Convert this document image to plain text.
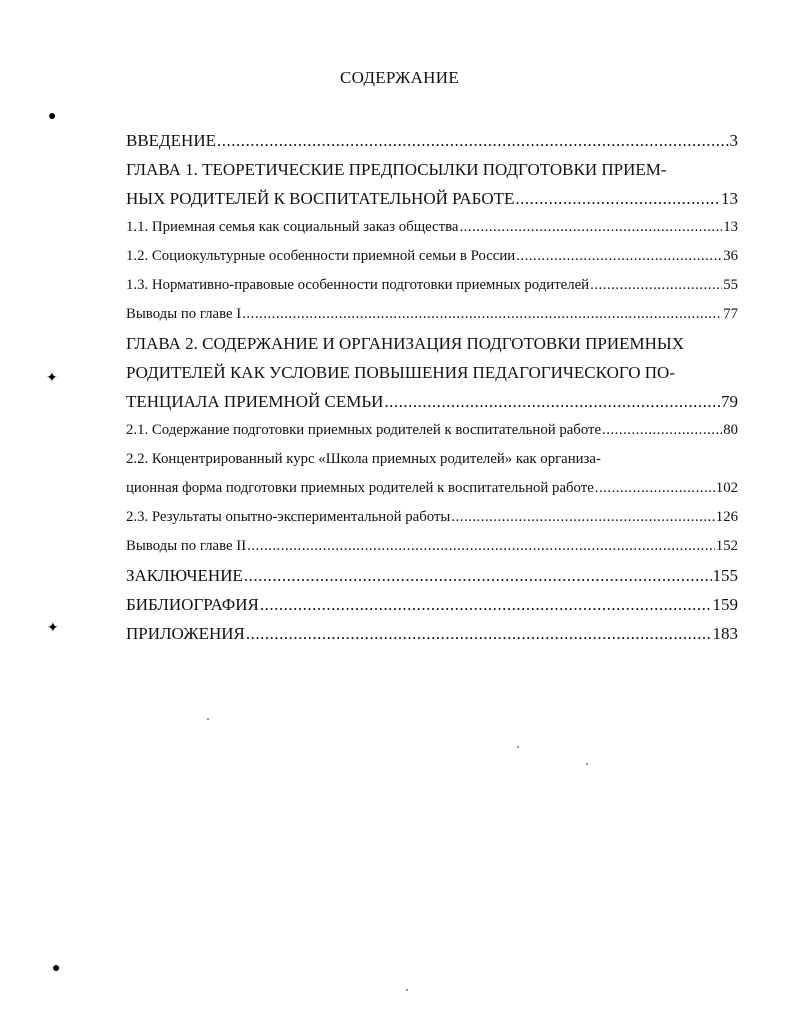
СОДЕРЖАНИЕ
ВВЕДЕНИЕ .....	3
ГЛАВА 1. ТЕОРЕТИЧЕСКИЕ ПРЕДПОСЫЛКИ ПОДГОТОВКИ ПРИЕМ-
НЫХ РОДИТЕЛЕЙ К ВОСПИТАТЕЛЬНОЙ РАБОТЕ .....	13
1.1. Приемная семья как социальный заказ общества .....	13
1.2. Социокультурные особенности приемной семьи в России .....	36
1.3. Нормативно-правовые особенности подготовки приемных родителей .....	55
Выводы по главе I .....	77
ГЛАВА 2. СОДЕРЖАНИЕ И ОРГАНИЗАЦИЯ ПОДГОТОВКИ ПРИЕМНЫХ
РОДИТЕЛЕЙ КАК УСЛОВИЕ ПОВЫШЕНИЯ ПЕДАГОГИЧЕСКОГО ПО-
ТЕНЦИАЛА ПРИЕМНОЙ СЕМЬИ .....	79
2.1. Содержание подготовки приемных родителей к воспитательной работе .....	80
2.2. Концентрированный курс «Школа приемных родителей» как организа-
ционная форма подготовки приемных родителей к воспитательной работе .....	102
2.3. Результаты опытно-экспериментальной работы .....	126
Выводы по главе II .....	152
ЗАКЛЮЧЕНИЕ .....	155
БИБЛИОГРАФИЯ .....	159
ПРИЛОЖЕНИЯ .....	183
●
✦
✦
●
